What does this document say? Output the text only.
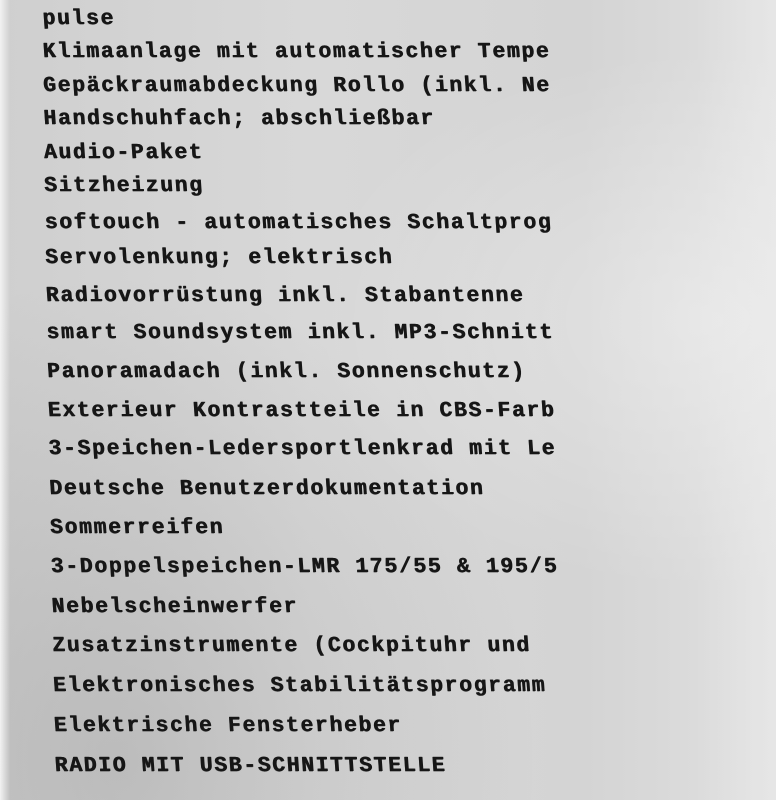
pulse
Klimaanlage mit automatischer Tempe
Gepäckraumabdeckung Rollo (inkl. Ne
Handschuhfach; abschließbar
Audio-Paket
Sitzheizung
softouch - automatisches Schaltprog
Servolenkung; elektrisch
Radiovorrüstung inkl. Stabantenne
smart Soundsystem inkl. MP3-Schnitt
Panoramadach (inkl. Sonnenschutz)
Exterieur Kontrastteile in CBS-Farb
3-Speichen-Ledersportlenkrad mit Le
Deutsche Benutzerdokumentation
Sommerreifen
3-Doppelspeichen-LMR 175/55 & 195/5
Nebelscheinwerfer
Zusatzinstrumente (Cockpituhr und
Elektronisches Stabilitätsprogramm
Elektrische Fensterheber
RADIO MIT USB-SCHNITTSTELLE
